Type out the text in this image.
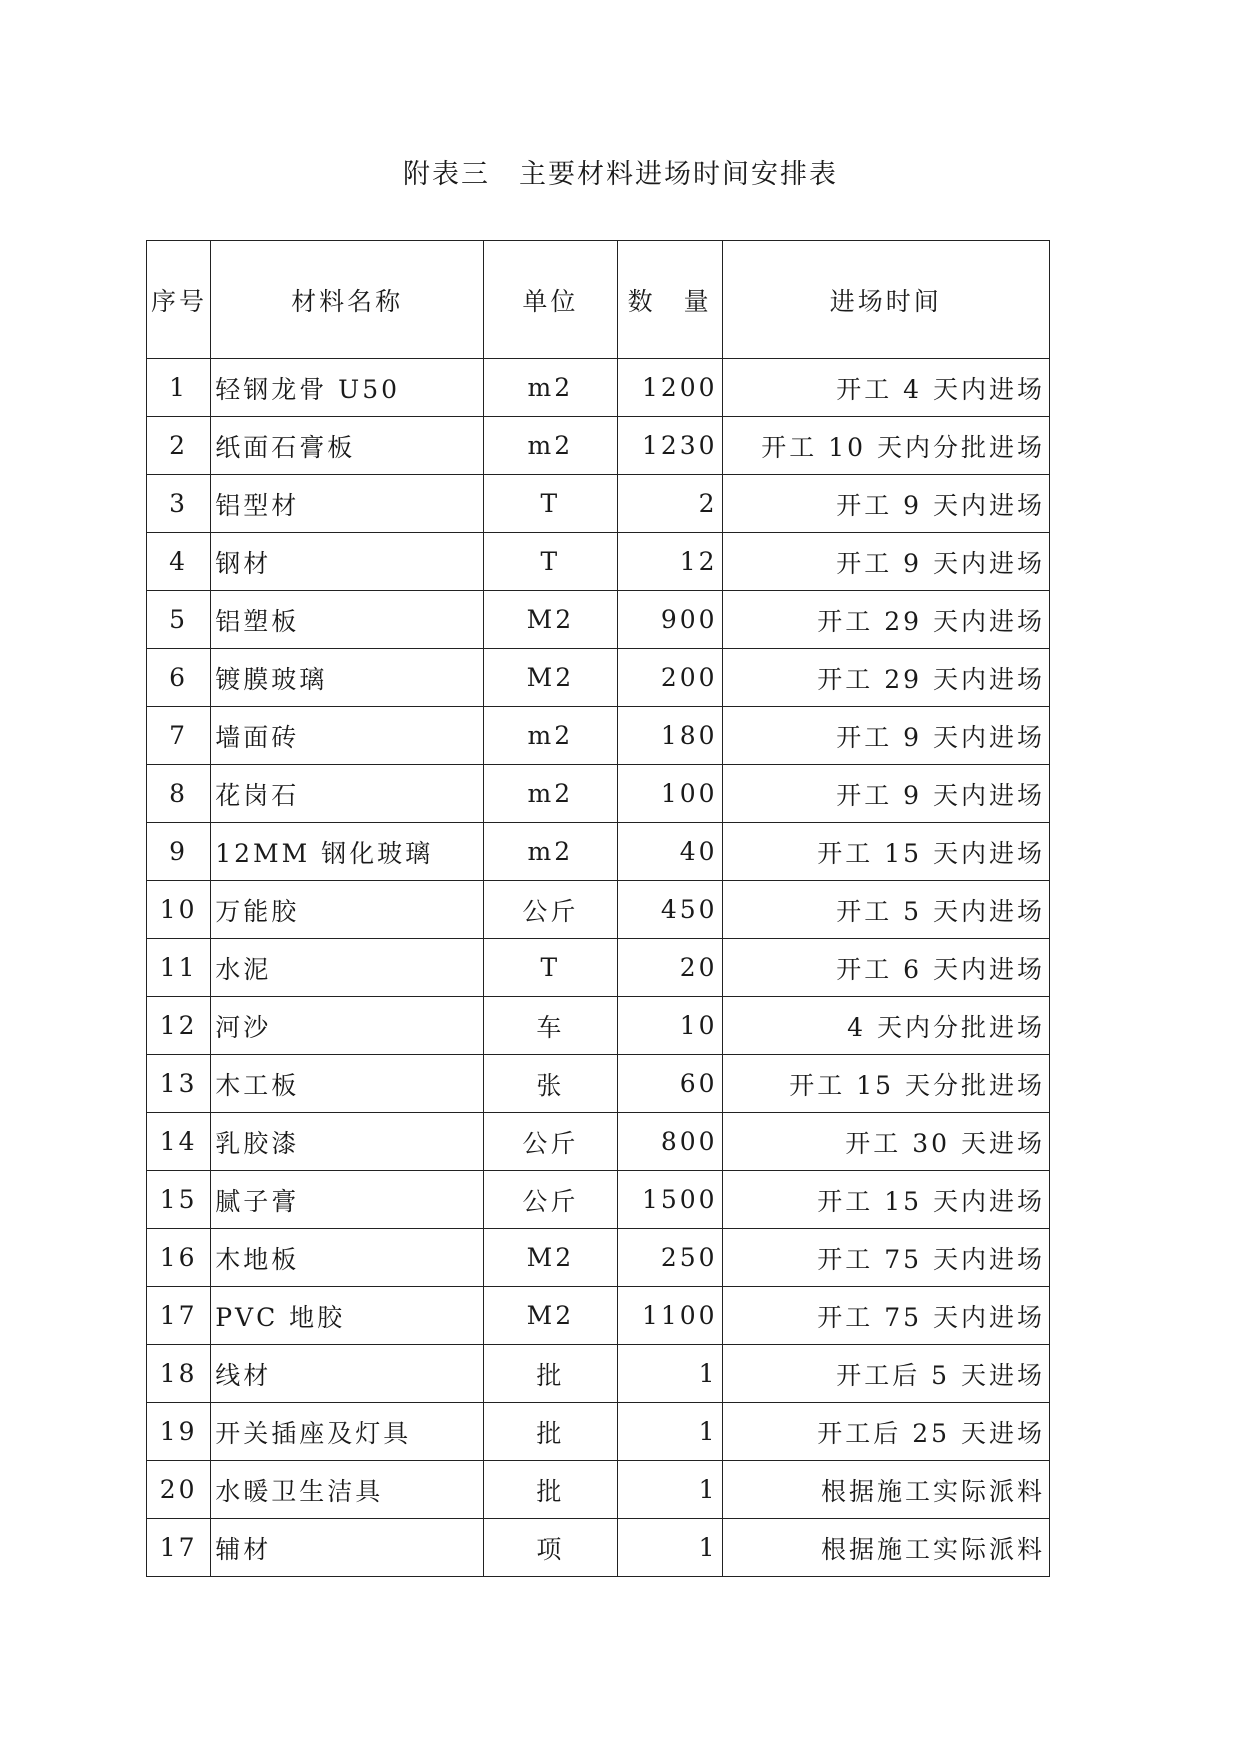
附表三　主要材料进场时间安排表
序号	材料名称	单位	数　量	进场时间
1	轻钢龙骨 U50	m2	1200	开工 4 天内进场
2	纸面石膏板	m2	1230	开工 10 天内分批进场
3	铝型材	T	2	开工 9 天内进场
4	钢材	T	12	开工 9 天内进场
5	铝塑板	M2	900	开工 29 天内进场
6	镀膜玻璃	M2	200	开工 29 天内进场
7	墙面砖	m2	180	开工 9 天内进场
8	花岗石	m2	100	开工 9 天内进场
9	12MM 钢化玻璃	m2	40	开工 15 天内进场
10	万能胶	公斤	450	开工 5 天内进场
11	水泥	T	20	开工 6 天内进场
12	河沙	车	10	4 天内分批进场
13	木工板	张	60	开工 15 天分批进场
14	乳胶漆	公斤	800	开工 30 天进场
15	腻子膏	公斤	1500	开工 15 天内进场
16	木地板	M2	250	开工 75 天内进场
17	PVC 地胶	M2	1100	开工 75 天内进场
18	线材	批	1	开工后 5 天进场
19	开关插座及灯具	批	1	开工后 25 天进场
20	水暖卫生洁具	批	1	根据施工实际派料
17	辅材	项	1	根据施工实际派料
